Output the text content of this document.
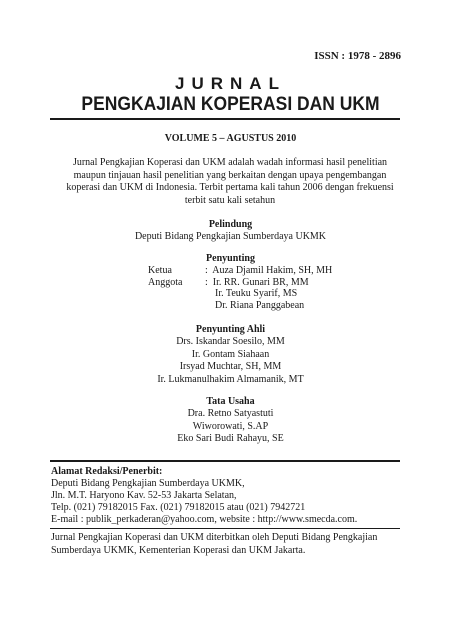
ISSN : 1978 - 2896
JURNAL
PENGKAJIAN KOPERASI DAN UKM
VOLUME 5 – AGUSTUS 2010
Jurnal Pengkajian Koperasi dan UKM adalah wadah informasi hasil penelitian
maupun tinjauan hasil penelitian yang berkaitan dengan upaya pengembangan
koperasi dan UKM di Indonesia. Terbit pertama kali tahun 2006 dengan frekuensi
terbit satu kali setahun
Pelindung
Deputi Bidang Pengkajian Sumberdaya UKMK
Penyunting
Ketua	:  Auza Djamil Hakim, SH, MH
Anggota	:  Ir. RR. Gunari BR, MM
Ir. Teuku Syarif, MS
Dr. Riana Panggabean
Penyunting Ahli
Drs. Iskandar Soesilo, MM
Ir. Gontam Siahaan
Irsyad Muchtar, SH, MM
Ir. Lukmanulhakim Almamanik, MT
Tata Usaha
Dra. Retno Satyastuti
Wiworowati, S.AP
Eko Sari Budi Rahayu, SE
Alamat Redaksi/Penerbit:
Deputi Bidang Pengkajian Sumberdaya UKMK,
Jln. M.T. Haryono Kav. 52-53 Jakarta Selatan,
Telp. (021) 79182015 Fax. (021) 79182015 atau (021) 7942721
E-mail : publik_perkaderan@yahoo.com, website : http://www.smecda.com.
Jurnal Pengkajian Koperasi dan UKM diterbitkan oleh Deputi Bidang Pengkajian Sumberdaya UKMK, Kementerian Koperasi dan UKM Jakarta.
